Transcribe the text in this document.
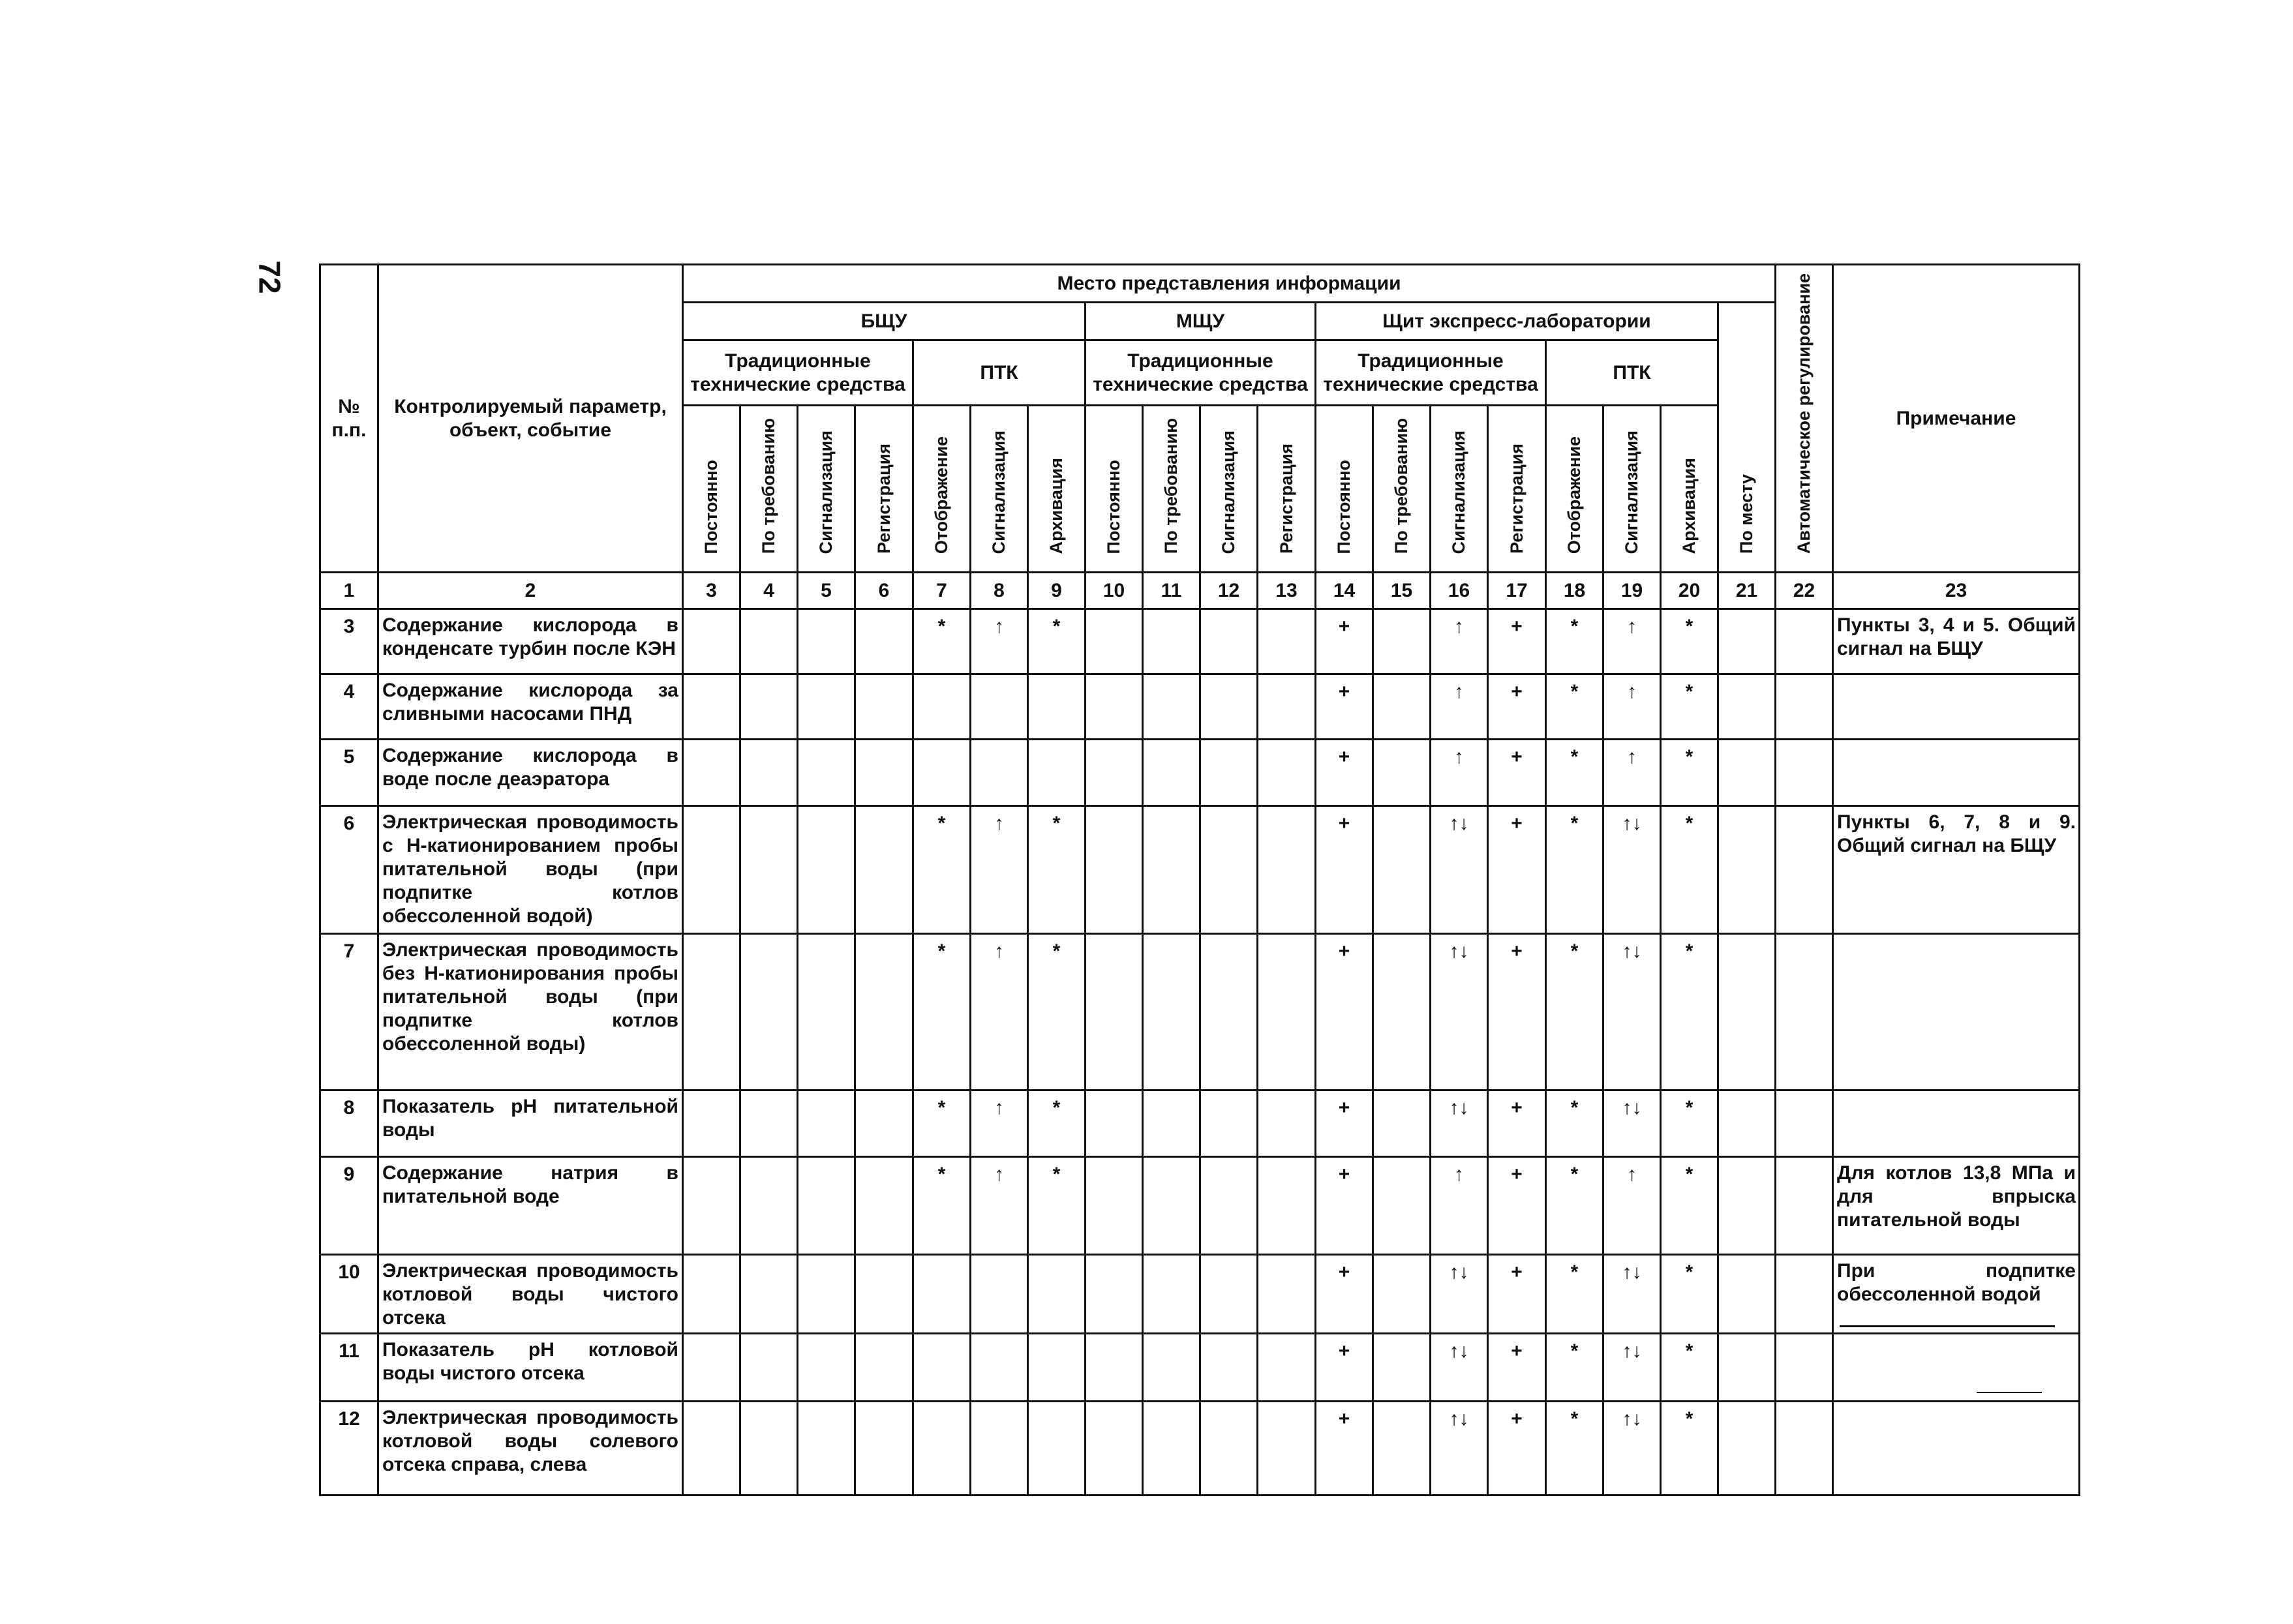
72
№ п.п.	Контролируемый параметр, объект, событие	Место представления информации																			Автоматическое регулирование	Примечание
		БЩУ							МЩУ				Щит экспресс-лаборатории							По месту		
		Традиционные технические средства				ПТК			Традиционные технические средства				Традиционные технические средства				ПТК					
		Постоянно	По требованию	Сигнализация	Регистрация	Отображение	Сигнализация	Архивация	Постоянно	По требованию	Сигнализация	Регистрация	Постоянно	По требованию	Сигнализация	Регистрация	Отображение	Сигнализация	Архивация			
1	2	3	4	5	6	7	8	9	10	11	12	13	14	15	16	17	18	19	20	21	22	23
3	Содержание кислорода в конденсате турбин после КЭН					*	↑	*					+		↑	+	*	↑	*			Пункты 3, 4 и 5. Общий сигнал на БЩУ
4	Содержание кислорода за сливными насосами ПНД												+		↑	+	*	↑	*			
5	Содержание кислорода в воде после деаэратора												+		↑	+	*	↑	*			
6	Электрическая проводимость с Н-катионированием пробы питательной воды (при подпитке котлов обессоленной водой)					*	↑	*					+		↑↓	+	*	↑↓	*			Пункты 6, 7, 8 и 9. Общий сигнал на БЩУ
7	Электрическая проводимость без Н-катионирования пробы питательной воды (при подпитке котлов обессоленной воды)					*	↑	*					+		↑↓	+	*	↑↓	*			
8	Показатель рН питательной воды					*	↑	*					+		↑↓	+	*	↑↓	*			
9	Содержание натрия в питательной воде					*	↑	*					+		↑	+	*	↑	*			Для котлов 13,8 МПа и для впрыска питательной воды
10	Электрическая проводимость котловой воды чистого отсека												+		↑↓	+	*	↑↓	*			При подпитке обессоленной водой
11	Показатель рН котловой воды чистого отсека												+		↑↓	+	*	↑↓	*			
12	Электрическая проводимость котловой воды солевого отсека справа, слева												+		↑↓	+	*	↑↓	*			
